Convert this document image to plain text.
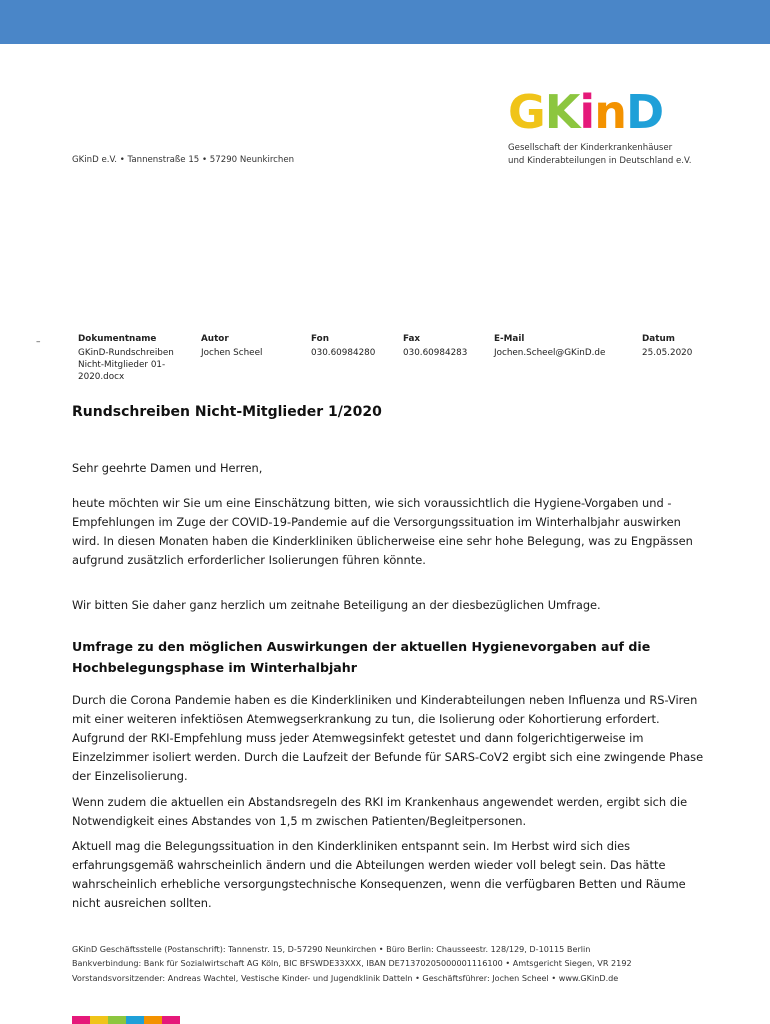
GKinD
Gesellschaft der Kinderkrankenhäuser
und Kinderabteilungen in Deutschland e.V.
GKinD e.V. • Tannenstraße 15 • 57290 Neunkirchen
–	Dokumentname
GKinD-Rundschreiben
Nicht-Mitglieder 01-
2020.docx
Autor
Jochen Scheel
Fon
030.60984280
Fax
030.60984283
E-Mail
Jochen.Scheel@GKinD.de
Datum
25.05.2020
Rundschreiben Nicht-Mitglieder 1/2020
Sehr geehrte Damen und Herren,
heute möchten wir Sie um eine Einschätzung bitten, wie sich voraussichtlich die Hygiene-Vorgaben und -Empfehlungen im Zuge der COVID-19-Pandemie auf die Versorgungssituation im Winterhalbjahr auswirken wird. In diesen Monaten haben die Kinderkliniken üblicherweise eine sehr hohe Belegung, was zu Engpässen aufgrund zusätzlich erforderlicher Isolierungen führen könnte.
Wir bitten Sie daher ganz herzlich um zeitnahe Beteiligung an der diesbezüglichen Umfrage.
Umfrage zu den möglichen Auswirkungen der aktuellen Hygienevorgaben auf die Hochbelegungsphase im Winterhalbjahr
Durch die Corona Pandemie haben es die Kinderkliniken und Kinderabteilungen neben Influenza und RS-Viren mit einer weiteren infektiösen Atemwegserkrankung zu tun, die Isolierung oder Kohortierung erfordert. Aufgrund der RKI-Empfehlung muss jeder Atemwegsinfekt getestet und dann folgerichtigerweise im Einzelzimmer isoliert werden. Durch die Laufzeit der Befunde für SARS-CoV2 ergibt sich eine zwingende Phase der Einzelisolierung.
Wenn zudem die aktuellen ein Abstandsregeln des RKI im Krankenhaus angewendet werden, ergibt sich die Notwendigkeit eines Abstandes von 1,5 m zwischen Patienten/Begleitpersonen.
Aktuell mag die Belegungssituation in den Kinderkliniken entspannt sein. Im Herbst wird sich dies erfahrungsgemäß wahrscheinlich ändern und die Abteilungen werden wieder voll belegt sein. Das hätte wahrscheinlich erhebliche versorgungstechnische Konsequenzen, wenn die verfügbaren Betten und Räume nicht ausreichen sollten.
GKinD Geschäftsstelle (Postanschrift): Tannenstr. 15, D-57290 Neunkirchen • Büro Berlin: Chausseestr. 128/129, D-10115 Berlin
Bankverbindung: Bank für Sozialwirtschaft AG Köln, BIC BFSWDE33XXX, IBAN DE71370205000001116100 • Amtsgericht Siegen, VR 2192
Vorstandsvorsitzender: Andreas Wachtel, Vestische Kinder- und Jugendklinik Datteln • Geschäftsführer: Jochen Scheel • www.GKinD.de
